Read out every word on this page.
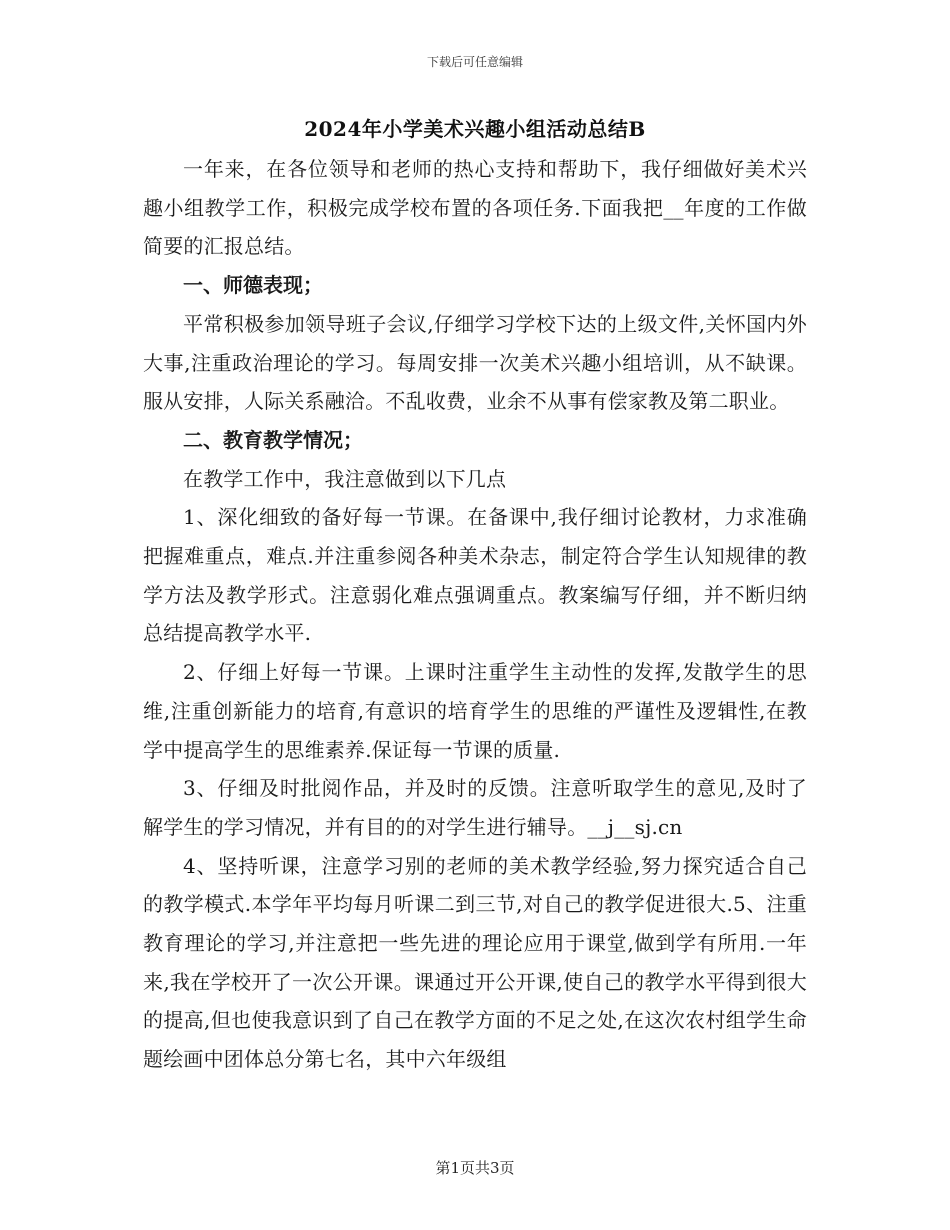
下载后可任意编辑
2024年小学美术兴趣小组活动总结B

一年来，在各位领导和老师的热心支持和帮助下，我仔细做好美术兴趣小组教学工作，积极完成学校布置的各项任务.下面我把__年度的工作做简要的汇报总结。

一、师德表现；

平常积极参加领导班子会议,仔细学习学校下达的上级文件,关怀国内外大事,注重政治理论的学习。每周安排一次美术兴趣小组培训，从不缺课。服从安排，人际关系融洽。不乱收费，业余不从事有偿家教及第二职业。

二、教育教学情况；

在教学工作中，我注意做到以下几点

1、深化细致的备好每一节课。在备课中,我仔细讨论教材，力求准确把握难重点，难点.并注重参阅各种美术杂志，制定符合学生认知规律的教学方法及教学形式。注意弱化难点强调重点。教案编写仔细，并不断归纳总结提高教学水平.

2、仔细上好每一节课。上课时注重学生主动性的发挥,发散学生的思维,注重创新能力的培育,有意识的培育学生的思维的严谨性及逻辑性,在教学中提高学生的思维素养.保证每一节课的质量.

3、仔细及时批阅作品，并及时的反馈。注意听取学生的意见,及时了解学生的学习情况，并有目的的对学生进行辅导。__j__sj.cn

4、坚持听课，注意学习别的老师的美术教学经验,努力探究适合自己的教学模式.本学年平均每月听课二到三节,对自己的教学促进很大.5、注重教育理论的学习,并注意把一些先进的理论应用于课堂,做到学有所用.一年来,我在学校开了一次公开课。课通过开公开课,使自己的教学水平得到很大的提高,但也使我意识到了自己在教学方面的不足之处,在这次农村组学生命题绘画中团体总分第七名，其中六年级组

第1页共3页
